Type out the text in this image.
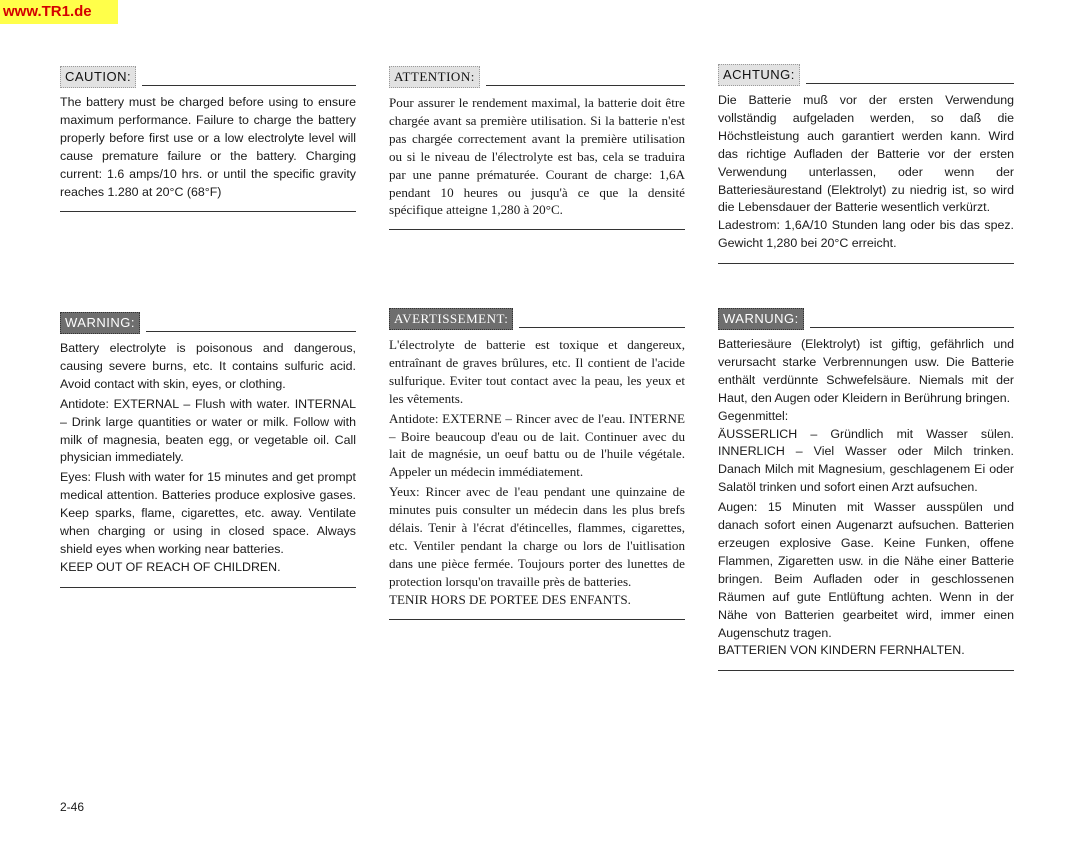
www.TR1.de
CAUTION:

The battery must be charged before using to ensure maximum performance. Failure to charge the battery properly before first use or a low electrolyte level will cause premature failure or the battery. Charging current: 1.6 amps/10 hrs. or until the specific gravity reaches 1.280 at 20°C (68°F)

WARNING:

Battery electrolyte is poisonous and dangerous, causing severe burns, etc. It contains sulfuric acid. Avoid contact with skin, eyes, or clothing.

Antidote: EXTERNAL – Flush with water. INTERNAL – Drink large quantities or water or milk. Follow with milk of magnesia, beaten egg, or vegetable oil. Call physician immediately.

Eyes: Flush with water for 15 minutes and get prompt medical attention. Batteries produce explosive gases. Keep sparks, flame, cigarettes, etc. away. Ventilate when charging or using in closed space. Always shield eyes when working near batteries.
KEEP OUT OF REACH OF CHILDREN.

ATTENTION:

Pour assurer le rendement maximal, la batterie doit être chargée avant sa première utilisation. Si la batterie n'est pas chargée correctement avant la première utilisation ou si le niveau de l'électrolyte est bas, cela se traduira par une panne prématurée. Courant de charge: 1,6A pendant 10 heures ou jusqu'à ce que la densité spécifique atteigne 1,280 à 20°C.

AVERTISSEMENT:

L'électrolyte de batterie est toxique et dangereux, entraînant de graves brûlures, etc. Il contient de l'acide sulfurique. Eviter tout contact avec la peau, les yeux et les vêtements.

Antidote: EXTERNE – Rincer avec de l'eau. INTERNE – Boire beaucoup d'eau ou de lait. Continuer avec du lait de magnésie, un oeuf battu ou de l'huile végétale. Appeler un médecin immédiatement.

Yeux: Rincer avec de l'eau pendant une quinzaine de minutes puis consulter un médecin dans les plus brefs délais. Tenir à l'écrat d'étincelles, flammes, cigarettes, etc. Ventiler pendant la charge ou lors de l'uitlisation dans une pièce fermée. Toujours porter des lunettes de protection lorsqu'on travaille près de batteries.
TENIR HORS DE PORTEE DES ENFANTS.

ACHTUNG:

Die Batterie muß vor der ersten Verwendung vollständig aufgeladen werden, so daß die Höchstleistung auch garantiert werden kann. Wird das richtige Aufladen der Batterie vor der ersten Verwendung unterlassen, oder wenn der Batteriesäurestand (Elektrolyt) zu niedrig ist, so wird die Lebensdauer der Batterie wesentlich verkürzt.
Ladestrom: 1,6A/10 Stunden lang oder bis das spez. Gewicht 1,280 bei 20°C erreicht.

WARNUNG:

Batteriesäure (Elektrolyt) ist giftig, gefährlich und verursacht starke Verbrennungen usw. Die Batterie enthält verdünnte Schwefelsäure. Niemals mit der Haut, den Augen oder Kleidern in Berührung bringen.
Gegenmittel:
ÄUSSERLICH – Gründlich mit Wasser sülen. INNERLICH – Viel Wasser oder Milch trinken. Danach Milch mit Magnesium, geschlagenem Ei oder Salatöl trinken und sofort einen Arzt aufsuchen.

Augen: 15 Minuten mit Wasser ausspülen und danach sofort einen Augenarzt aufsuchen. Batterien erzeugen explosive Gase. Keine Funken, offene Flammen, Zigaretten usw. in die Nähe einer Batterie bringen. Beim Aufladen oder in geschlossenen Räumen auf gute Entlüftung achten. Wenn in der Nähe von Batterien gearbeitet wird, immer einen Augenschutz tragen.
BATTERIEN VON KINDERN FERNHALTEN.

2-46
